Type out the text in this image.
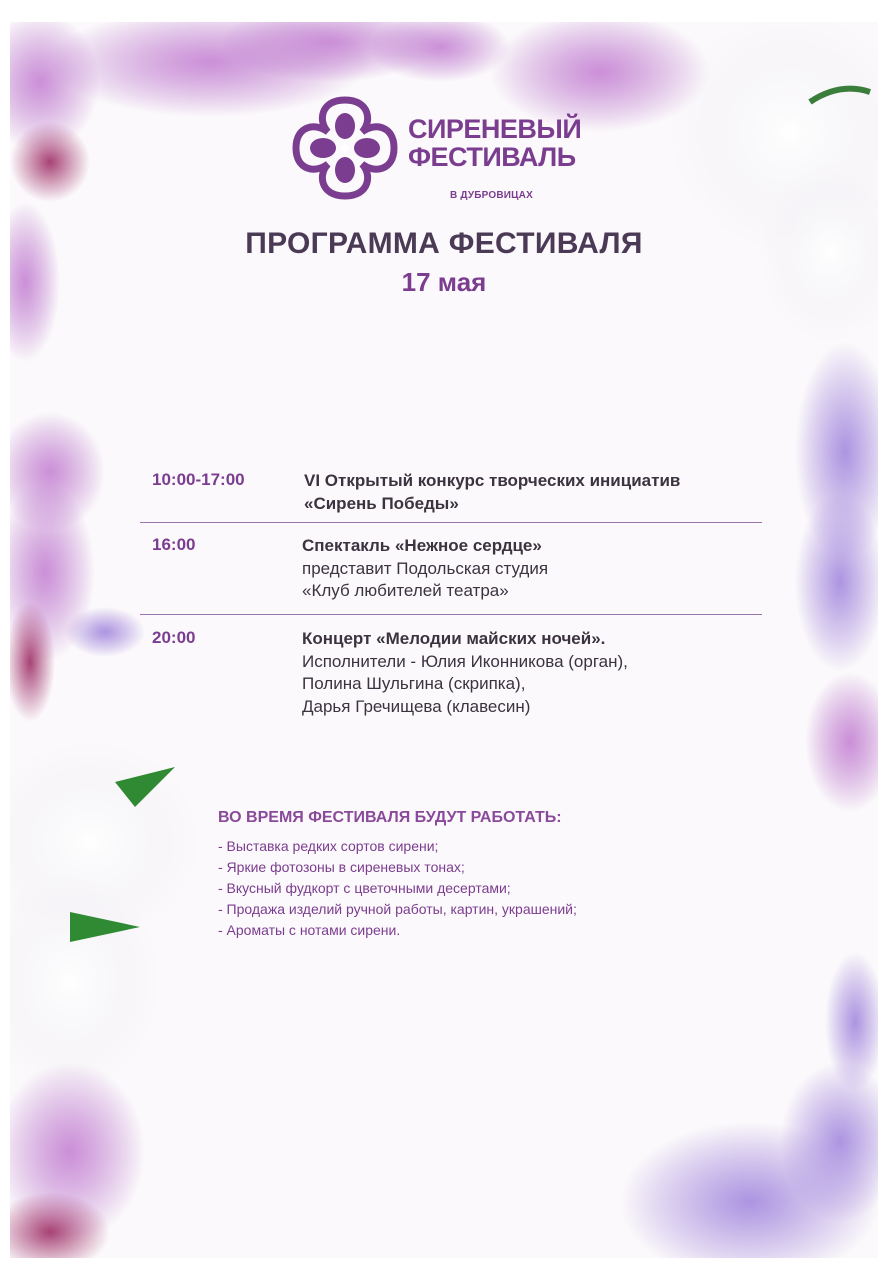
СИРЕНЕВЫЙ
ФЕСТИВАЛЬ
В ДУБРОВИЦАХ
ПРОГРАММА ФЕСТИВАЛЯ
17 мая
10:00-17:00	VI Открытый конкурс творческих инициатив
«Сирень Победы»
16:00	Спектакль «Нежное сердце»
представит Подольская студия
«Клуб любителей театра»
20:00	Концерт «Мелодии майских ночей».
Исполнители - Юлия Иконникова (орган),
Полина Шульгина (скрипка),
Дарья Гречищева (клавесин)
ВО ВРЕМЯ ФЕСТИВАЛЯ БУДУТ РАБОТАТЬ:
- Выставка редких сортов сирени;
- Яркие фотозоны в сиреневых тонах;
- Вкусный фудкорт с цветочными десертами;
- Продажа изделий ручной работы, картин, украшений;
- Ароматы с нотами сирени.
